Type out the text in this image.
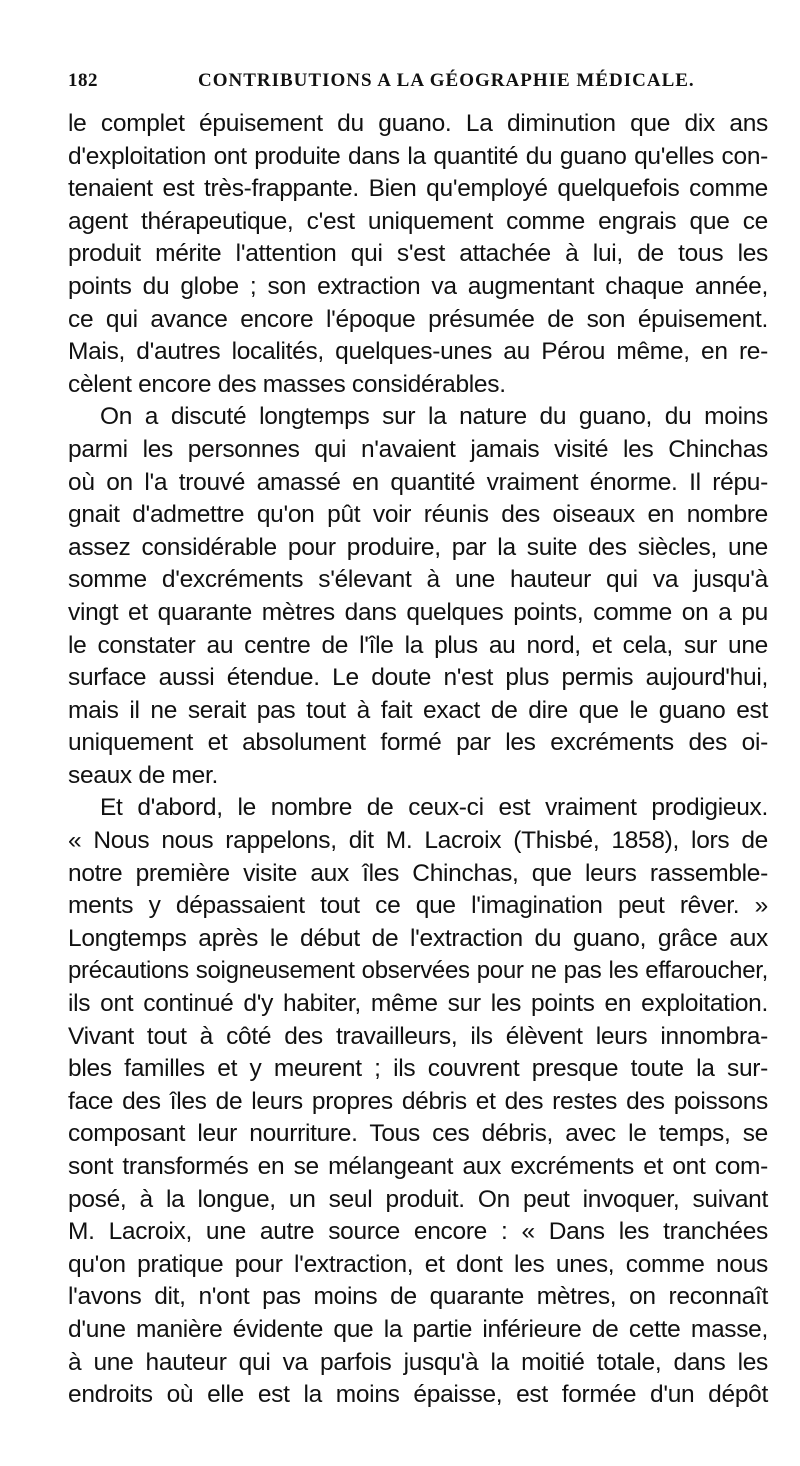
182	CONTRIBUTIONS A LA GÉOGRAPHIE MÉDICALE.
le complet épuisement du guano. La diminution que dix ans
d'exploitation ont produite dans la quantité du guano qu'elles con-
tenaient est très-frappante. Bien qu'employé quelquefois comme
agent thérapeutique, c'est uniquement comme engrais que ce
produit mérite l'attention qui s'est attachée à lui, de tous les
points du globe ; son extraction va augmentant chaque année,
ce qui avance encore l'époque présumée de son épuisement.
Mais, d'autres localités, quelques-unes au Pérou même, en re-
cèlent encore des masses considérables.
On a discuté longtemps sur la nature du guano, du moins
parmi les personnes qui n'avaient jamais visité les Chinchas
où on l'a trouvé amassé en quantité vraiment énorme. Il répu-
gnait d'admettre qu'on pût voir réunis des oiseaux en nombre
assez considérable pour produire, par la suite des siècles, une
somme d'excréments s'élevant à une hauteur qui va jusqu'à
vingt et quarante mètres dans quelques points, comme on a pu
le constater au centre de l'île la plus au nord, et cela, sur une
surface aussi étendue. Le doute n'est plus permis aujourd'hui,
mais il ne serait pas tout à fait exact de dire que le guano est
uniquement et absolument formé par les excréments des oi-
seaux de mer.
Et d'abord, le nombre de ceux-ci est vraiment prodigieux.
« Nous nous rappelons, dit M. Lacroix (Thisbé, 1858), lors de
notre première visite aux îles Chinchas, que leurs rassemble-
ments y dépassaient tout ce que l'imagination peut rêver. »
Longtemps après le début de l'extraction du guano, grâce aux
précautions soigneusement observées pour ne pas les effaroucher,
ils ont continué d'y habiter, même sur les points en exploitation.
Vivant tout à côté des travailleurs, ils élèvent leurs innombra-
bles familles et y meurent ; ils couvrent presque toute la sur-
face des îles de leurs propres débris et des restes des poissons
composant leur nourriture. Tous ces débris, avec le temps, se
sont transformés en se mélangeant aux excréments et ont com-
posé, à la longue, un seul produit. On peut invoquer, suivant
M. Lacroix, une autre source encore : « Dans les tranchées
qu'on pratique pour l'extraction, et dont les unes, comme nous
l'avons dit, n'ont pas moins de quarante mètres, on reconnaît
d'une manière évidente que la partie inférieure de cette masse,
à une hauteur qui va parfois jusqu'à la moitié totale, dans les
endroits où elle est la moins épaisse, est formée d'un dépôt
